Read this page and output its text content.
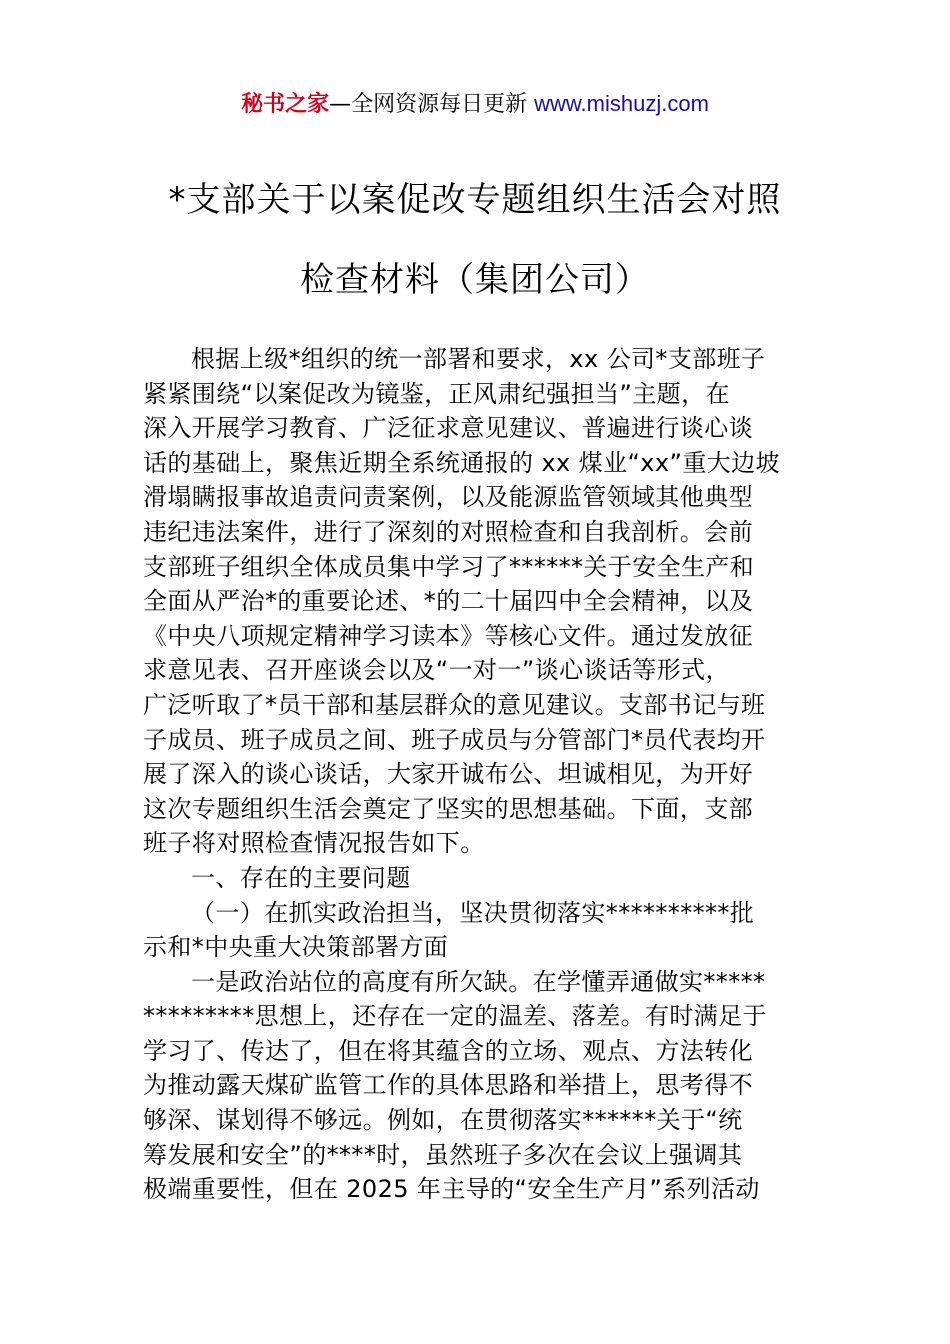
秘书之家—全网资源每日更新 www.mishuzj.com
*支部关于以案促改专题组织生活会对照
检查材料（集团公司）
根据上级*组织的统一部署和要求，xx 公司*支部班子
紧紧围绕“以案促改为镜鉴，正风肃纪强担当”主题，在
深入开展学习教育、广泛征求意见建议、普遍进行谈心谈
话的基础上，聚焦近期全系统通报的 xx 煤业“xx”重大边坡
滑塌瞒报事故追责问责案例，以及能源监管领域其他典型
违纪违法案件，进行了深刻的对照检查和自我剖析。会前
支部班子组织全体成员集中学习了******关于安全生产和
全面从严治*的重要论述、*的二十届四中全会精神，以及
《中央八项规定精神学习读本》等核心文件。通过发放征
求意见表、召开座谈会以及“一对一”谈心谈话等形式，
广泛听取了*员干部和基层群众的意见建议。支部书记与班
子成员、班子成员之间、班子成员与分管部门*员代表均开
展了深入的谈心谈话，大家开诚布公、坦诚相见，为开好
这次专题组织生活会奠定了坚实的思想基础。下面，支部
班子将对照检查情况报告如下。
一、存在的主要问题
（一）在抓实政治担当，坚决贯彻落实**********批
示和*中央重大决策部署方面
一是政治站位的高度有所欠缺。在学懂弄通做实*****
*********思想上，还存在一定的温差、落差。有时满足于
学习了、传达了，但在将其蕴含的立场、观点、方法转化
为推动露天煤矿监管工作的具体思路和举措上，思考得不
够深、谋划得不够远。例如，在贯彻落实******关于“统
筹发展和安全”的****时，虽然班子多次在会议上强调其
极端重要性，但在 2025 年主导的“安全生产月”系列活动
